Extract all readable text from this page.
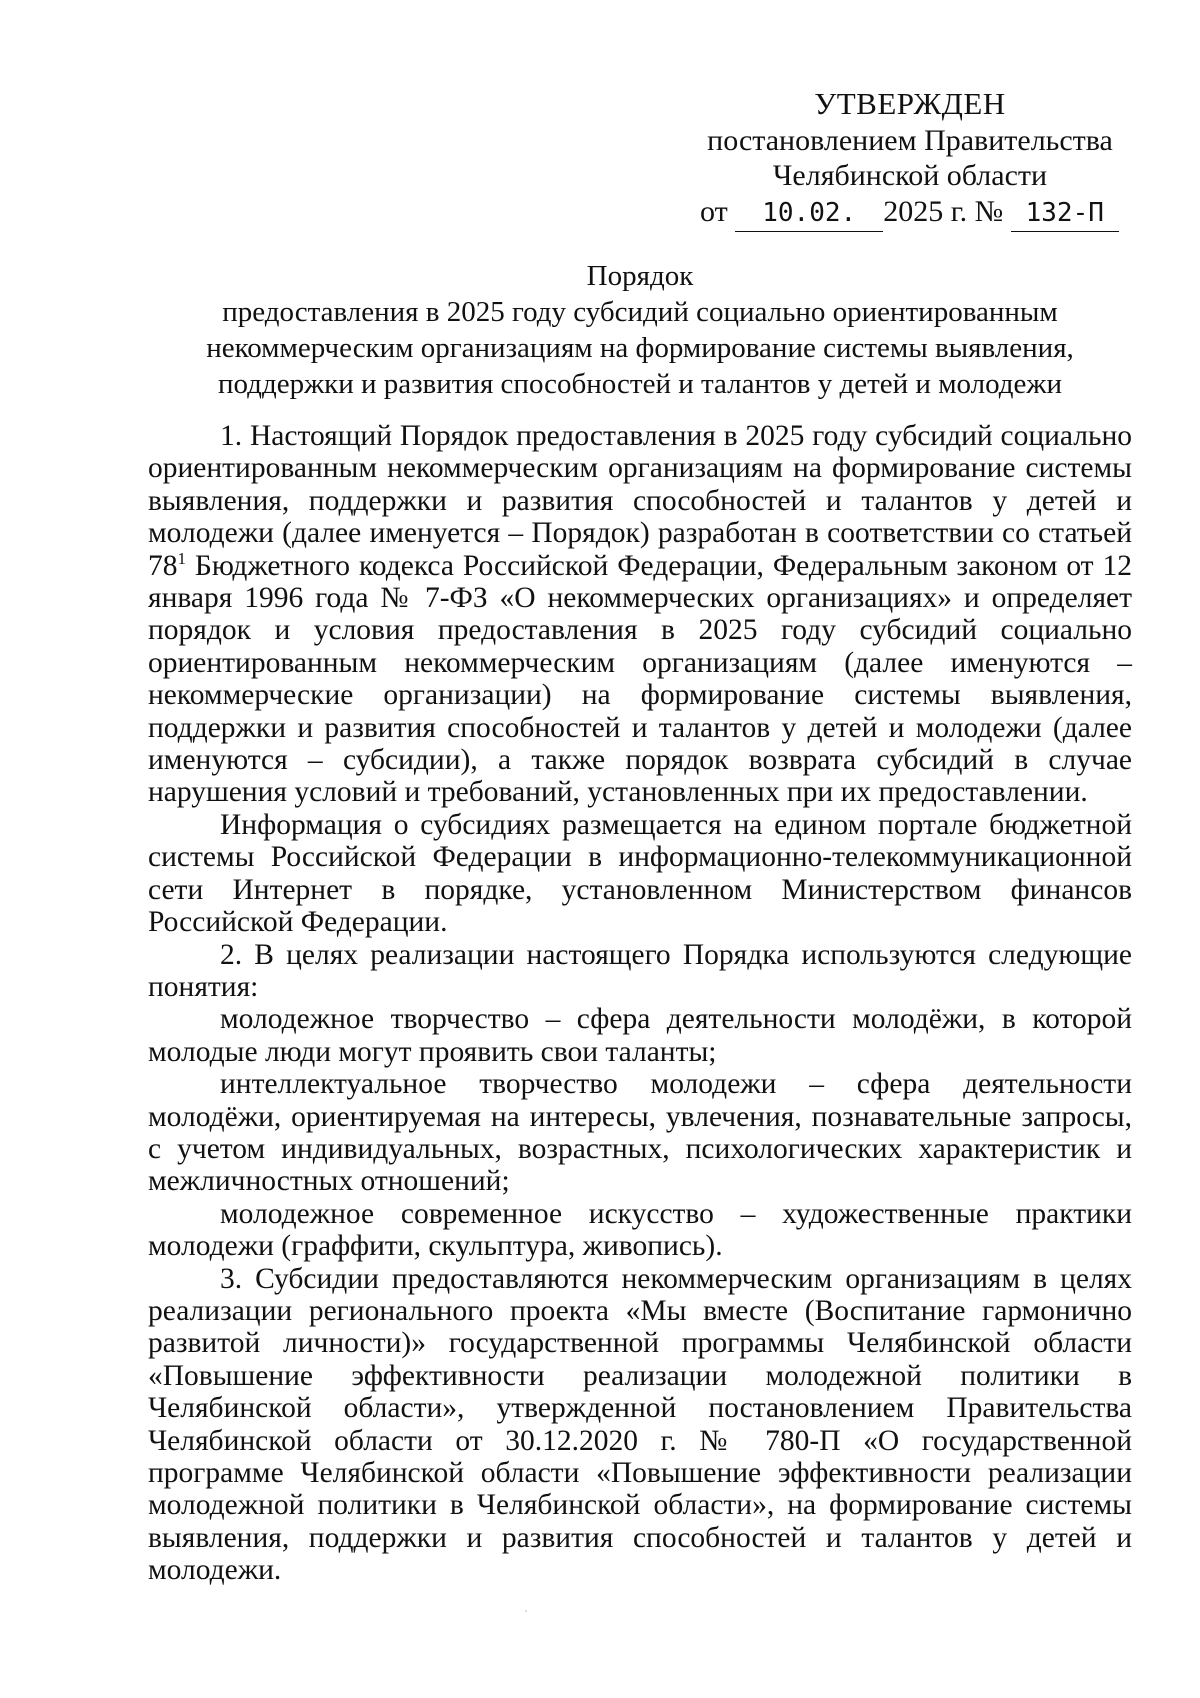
УТВЕРЖДЕН
постановлением Правительства
Челябинской области
от 10.02. 2025 г. № 132-П
Порядок
предоставления в 2025 году субсидий социально ориентированным
некоммерческим организациям на формирование системы выявления,
поддержки и развития способностей и талантов у детей и молодежи

1. Настоящий Порядок предоставления в 2025 году субсидий социально ориентированным некоммерческим организациям на формирование системы выявления, поддержки и развития способностей и талантов у детей и молодежи (далее именуется – Порядок) разработан в соответствии со статьей $78^1$ Бюджетного кодекса Российской Федерации, Федеральным законом от 12 января 1996 года № 7-ФЗ «О некоммерческих организациях» и определяет порядок и условия предоставления в 2025 году субсидий социально ориентированным некоммерческим организациям (далее именуются – некоммерческие организации) на формирование системы выявления, поддержки и развития способностей и талантов у детей и молодежи (далее именуются – субсидии), а также порядок возврата субсидий в случае нарушения условий и требований, установленных при их предоставлении.

Информация о субсидиях размещается на едином портале бюджетной системы Российской Федерации в информационно-телекоммуникационной сети Интернет в порядке, установленном Министерством финансов Российской Федерации.

2. В целях реализации настоящего Порядка используются следующие понятия:

молодежное творчество – сфера деятельности молодёжи, в которой молодые люди могут проявить свои таланты;

интеллектуальное творчество молодежи – сфера деятельности молодёжи, ориентируемая на интересы, увлечения, познавательные запросы, с учетом индивидуальных, возрастных, психологических характеристик и межличностных отношений;

молодежное современное искусство – художественные практики молодежи (граффити, скульптура, живопись).

3. Субсидии предоставляются некоммерческим организациям в целях реализации регионального проекта «Мы вместе (Воспитание гармонично развитой личности)» государственной программы Челябинской области «Повышение эффективности реализации молодежной политики в Челябинской области», утвержденной постановлением Правительства Челябинской области от 30.12.2020 г. № 780-П «О государственной программе Челябинской области «Повышение эффективности реализации молодежной политики в Челябинской области», на формирование системы выявления, поддержки и развития способностей и талантов у детей и молодежи.
